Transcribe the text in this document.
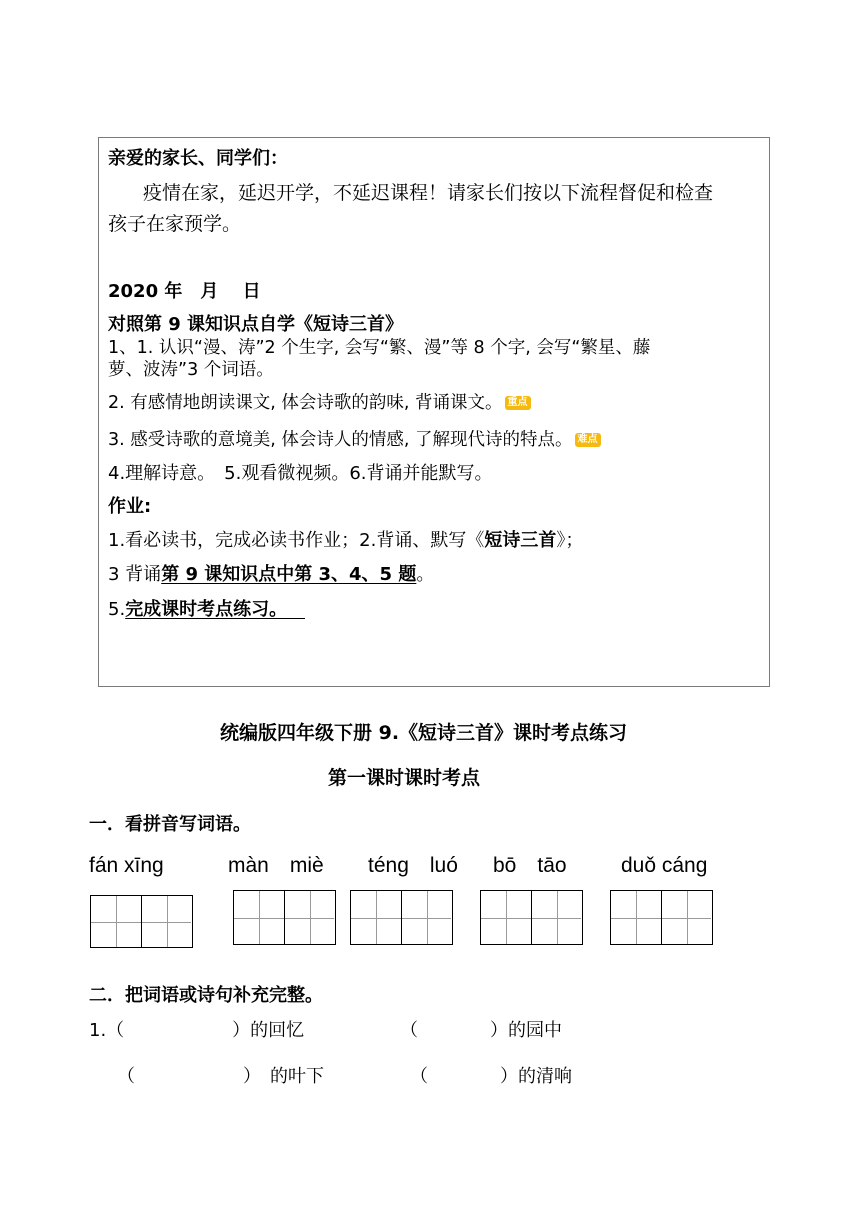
亲爱的家长、同学们：
疫情在家，延迟开学，不延迟课程！请家长们按以下流程督促和检查
孩子在家预学。
2020 年　月　 日
对照第 9 课知识点自学《短诗三首》
1、1. 认识“漫、涛”2 个生字, 会写“繁、漫”等 8 个字, 会写“繁星、藤
萝、波涛”3 个词语。
2. 有感情地朗读课文, 体会诗歌的韵味, 背诵课文。 重点
3. 感受诗歌的意境美, 体会诗人的情感, 了解现代诗的特点。 难点
4.理解诗意。　5.观看微视频。6.背诵并能默写。
作业:
1.看必读书，完成必读书作业；2.背诵、默写《短诗三首》；
3 背诵第 9 课知识点中第 3、4、5 题。
5.完成课时考点练习。
统编版四年级下册 9.《短诗三首》课时考点练习
第一课时课时考点
一．看拼音写词语。
fán xīng	màn　miè téng　luó bō　tāo	duǒ cáng
二．把词语或诗句补充完整。
1.（　　　　　　）的回忆	（　　　　）的园中
（　　　　　　）　的叶下	（　　　　）的清响
